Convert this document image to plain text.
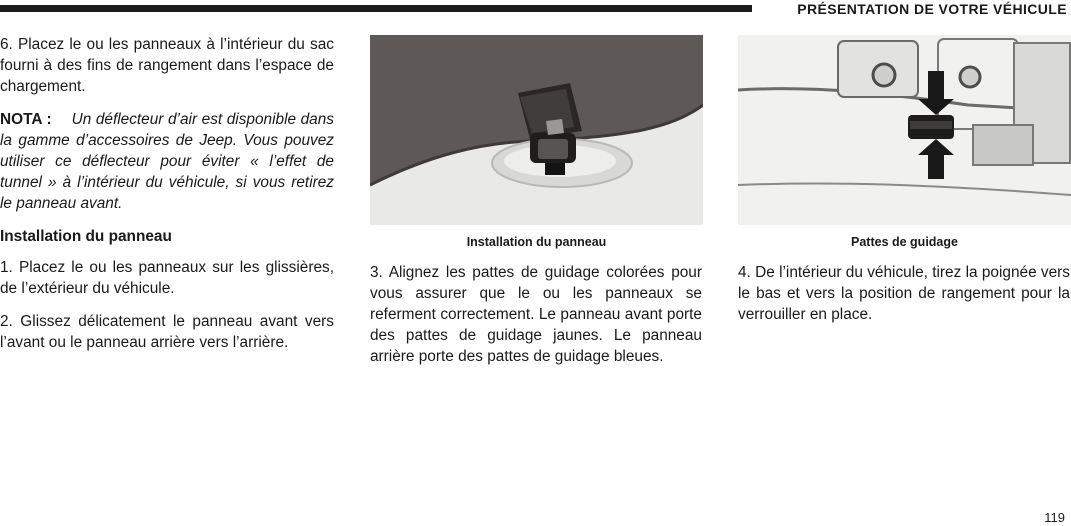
PRÉSENTATION DE VOTRE VÉHICULE

6. Placez le ou les panneaux à l’intérieur du sac fourni à des fins de rangement dans l’espace de chargement.

NOTA : Un déflecteur d’air est disponible dans la gamme d’accessoires de Jeep. Vous pouvez utiliser ce déflecteur pour éviter « l’effet de tunnel » à l’intérieur du véhicule, si vous retirez le panneau avant.

Installation du panneau

1. Placez le ou les panneaux sur les glissières, de l’extérieur du véhicule.

2. Glissez délicatement le panneau avant vers l’avant ou le panneau arrière vers l’arrière.

Installation du panneau	Pattes de guidage

3. Alignez les pattes de guidage colorées pour vous assurer que le ou les panneaux se referment correctement. Le panneau avant porte des pattes de guidage jaunes. Le panneau arrière porte des pattes de guidage bleues.

4. De l’intérieur du véhicule, tirez la poignée vers le bas et vers la position de rangement pour la verrouiller en place.

119
